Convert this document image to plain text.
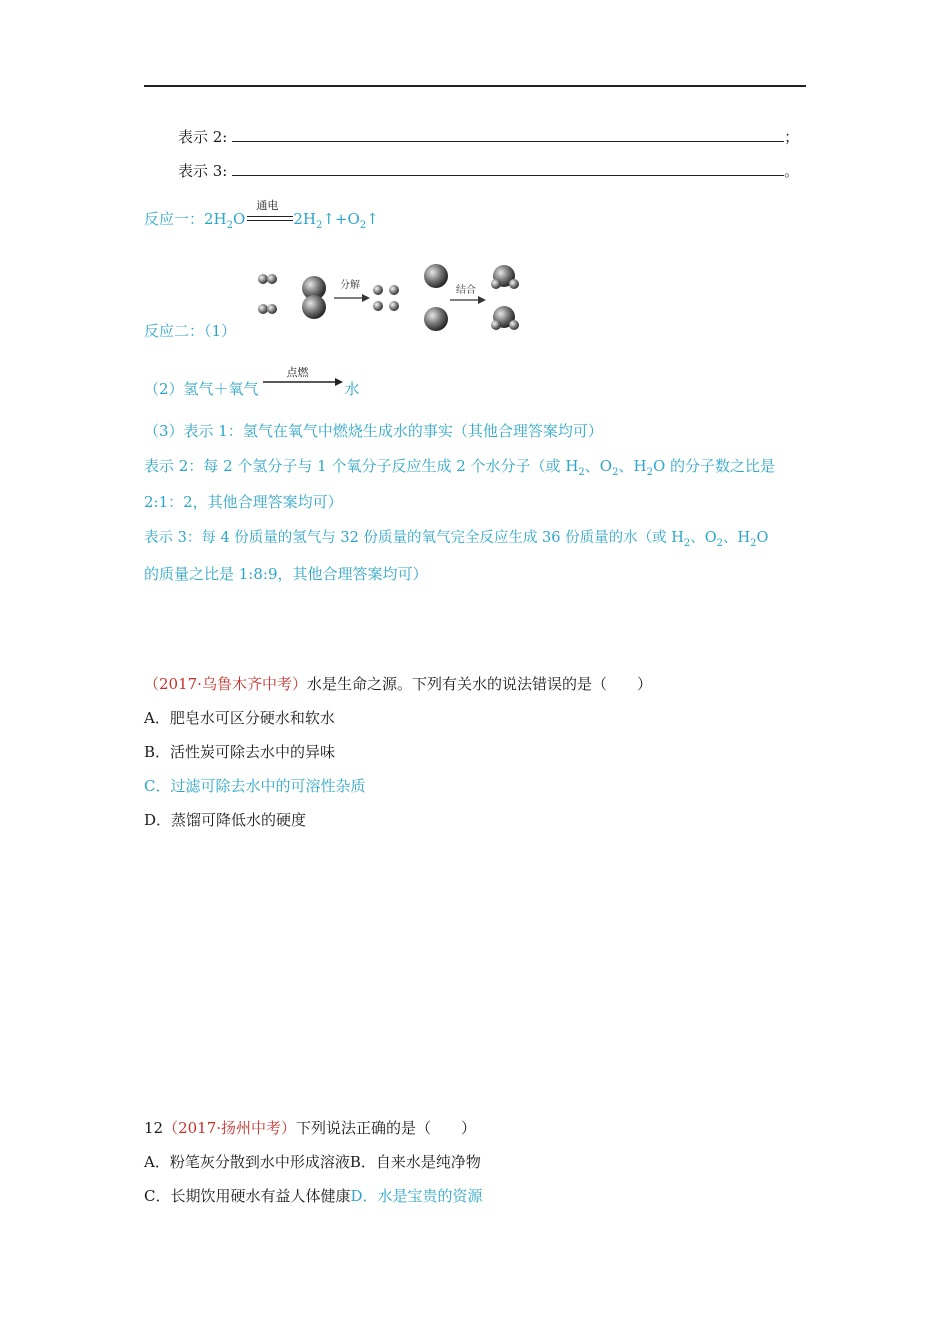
表示 2:	；
表示 3:	。
反应一：$2H_2O$
通电
$2H_2↑+O_2↑$
分解	结合
反应二：（1）
（2）氢气＋氧气
点燃
水
（3）表示 1：氢气在氧气中燃烧生成水的事实（其他合理答案均可）
表示 2：每 2 个氢分子与 1 个氧分子反应生成 2 个水分子（或 $H_2$、$O_2$、$H_2O$ 的分子数之比是
2:1：2，其他合理答案均可）
表示 3：每 4 份质量的氢气与 32 份质量的氧气完全反应生成 36 份质量的水（或 $H_2$、$O_2$、$H_2O$
的质量之比是 1:8:9，其他合理答案均可）
（2017·乌鲁木齐中考）水是生命之源。下列有关水的说法错误的是（　　）
A．肥皂水可区分硬水和软水
B．活性炭可除去水中的异味
C．过滤可除去水中的可溶性杂质
D．蒸馏可降低水的硬度
12（2017·扬州中考）下列说法正确的是（　　）
A．粉笔灰分散到水中形成溶液B．自来水是纯净物
C．长期饮用硬水有益人体健康D．水是宝贵的资源
